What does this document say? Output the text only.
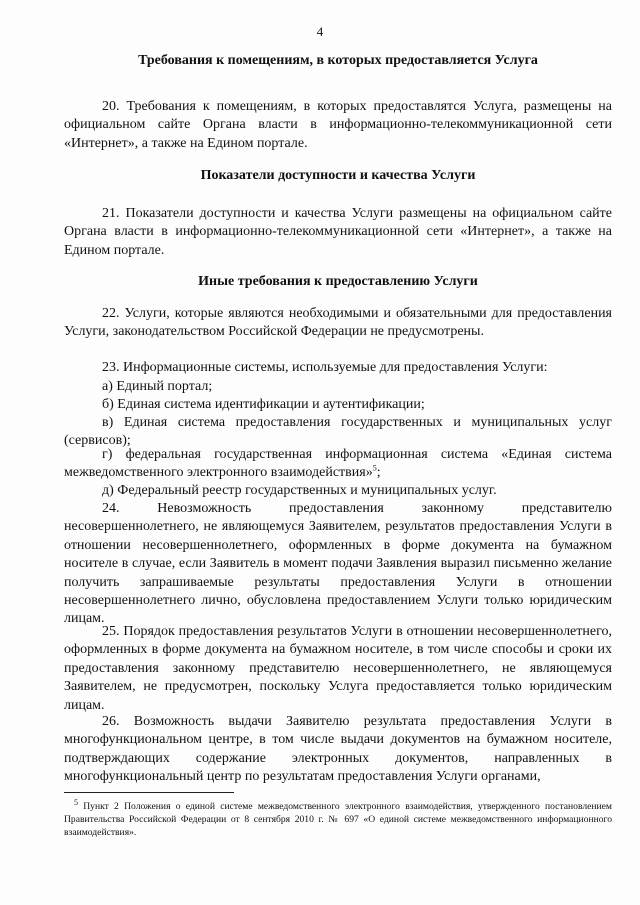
4
Требования к помещениям, в которых предоставляется Услуга

20. Требования к помещениям, в которых предоставлятся Услуга, размещены на официальном сайте Органа власти в информационно-телекоммуникационной сети «Интернет», а также на Едином портале.

Показатели доступности и качества Услуги

21. Показатели доступности и качества Услуги размещены на официальном сайте Органа власти в информационно-телекоммуникационной сети «Интернет», а также на Едином портале.

Иные требования к предоставлению Услуги

22. Услуги, которые являются необходимыми и обязательными для предоставления Услуги, законодательством Российской Федерации не предусмотрены.

23. Информационные системы, используемые для предоставления Услуги:

а) Единый портал;

б) Единая система идентификации и аутентификации;

в) Единая система предоставления государственных и муниципальных услуг (сервисов);

г) федеральная государственная информационная система «Единая система межведомственного электронного взаимодействия»$^5$;

д) Федеральный реестр государственных и муниципальных услуг.

24. Невозможность предоставления законному представителю несовершеннолетнего, не являющемуся Заявителем, результатов предоставления Услуги в отношении несовершеннолетнего, оформленных в форме документа на бумажном носителе в случае, если Заявитель в момент подачи Заявления выразил письменно желание получить запрашиваемые результаты предоставления Услуги в отношении несовершеннолетнего лично, обусловлена предоставлением Услуги только юридическим лицам.

25. Порядок предоставления результатов Услуги в отношении несовершеннолетнего, оформленных в форме документа на бумажном носителе, в том числе способы и сроки их предоставления законному представителю несовершеннолетнего, не являющемуся Заявителем, не предусмотрен, поскольку Услуга предоставляется только юридическим лицам.

26. Возможность выдачи Заявителю результата предоставления Услуги в многофункциональном центре, в том числе выдачи документов на бумажном носителе, подтверждающих содержание электронных документов, направленных в многофункциональный центр по результатам предоставления Услуги органами,

$^5$ Пункт 2 Положения о единой системе межведомственного электронного взаимодействия, утвержденного постановлением Правительства Российской Федерации от 8 сентября 2010 г. № 697 «О единой системе межведомственного информационного взаимодействия».
